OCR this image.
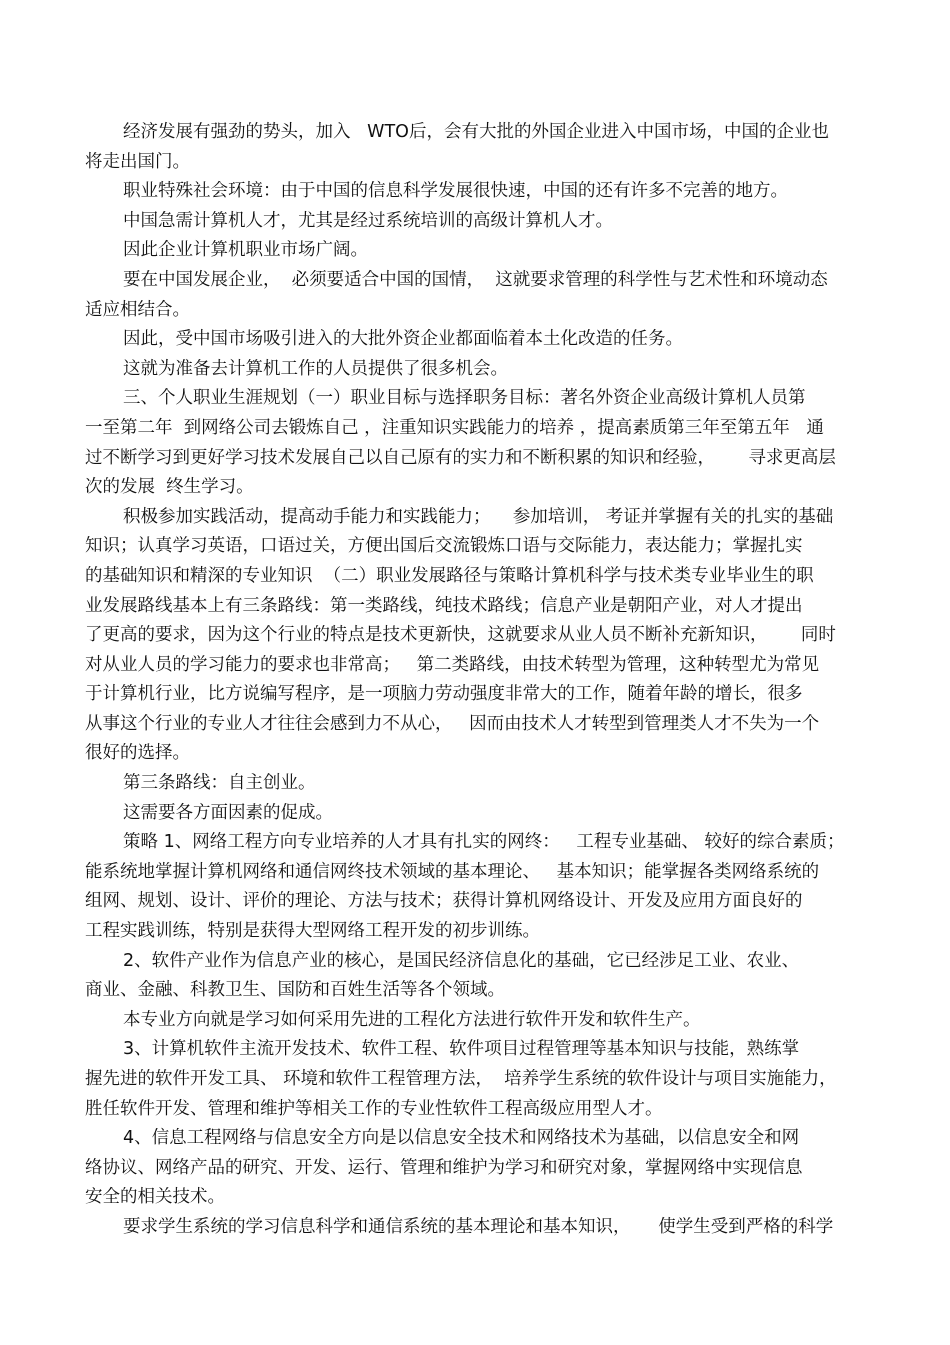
经济发展有强劲的势头，加入   WTO后，会有大批的外国企业进入中国市场，中国的企业也
将走出国门。
职业特殊社会环境：由于中国的信息科学发展很快速，中国的还有许多不完善的地方。
中国急需计算机人才，尤其是经过系统培训的高级计算机人才。
因此企业计算机职业市场广阔。
要在中国发展企业，  必须要适合中国的国情，  这就要求管理的科学性与艺术性和环境动态
适应相结合。
因此，受中国市场吸引进入的大批外资企业都面临着本土化改造的任务。
这就为准备去计算机工作的人员提供了很多机会。
三、个人职业生涯规划（一）职业目标与选择职务目标：著名外资企业高级计算机人员第
一至第二年  到网络公司去锻炼自己 ，注重知识实践能力的培养 ，提高素质第三年至第五年   通
过不断学习到更好学习技术发展自己以自己原有的实力和不断积累的知识和经验，      寻求更高层
次的发展  终生学习。
积极参加实践活动，提高动手能力和实践能力；    参加培训， 考证并掌握有关的扎实的基础
知识；认真学习英语，口语过关，方便出国后交流锻炼口语与交际能力，表达能力；掌握扎实
的基础知识和精深的专业知识  （二）职业发展路径与策略计算机科学与技术类专业毕业生的职
业发展路线基本上有三条路线：第一类路线，纯技术路线；信息产业是朝阳产业，对人才提出
了更高的要求，因为这个行业的特点是技术更新快，这就要求从业人员不断补充新知识，      同时
对从业人员的学习能力的要求也非常高；   第二类路线，由技术转型为管理，这种转型尤为常见
于计算机行业，比方说编写程序，是一项脑力劳动强度非常大的工作，随着年龄的增长，很多
从事这个行业的专业人才往往会感到力不从心，   因而由技术人才转型到管理类人才不失为一个
很好的选择。
第三条路线：自主创业。
这需要各方面因素的促成。
策略 1、网络工程方向专业培养的人才具有扎实的网终：   工程专业基础、 较好的综合素质；
能系统地掌握计算机网络和通信网终技术领域的基本理论、   基本知识；能掌握各类网络系统的
组网、规划、设计、评价的理论、方法与技术；获得计算机网络设计、开发及应用方面良好的
工程实践训练，特别是获得大型网络工程开发的初步训练。
2、软件产业作为信息产业的核心，是国民经济信息化的基础，它已经涉足工业、农业、
商业、金融、科教卫生、国防和百姓生活等各个领域。
本专业方向就是学习如何采用先进的工程化方法进行软件开发和软件生产。
3、计算机软件主流开发技术、软件工程、软件项目过程管理等基本知识与技能，熟练掌
握先进的软件开发工具、 环境和软件工程管理方法，  培养学生系统的软件设计与项目实施能力，
胜任软件开发、管理和维护等相关工作的专业性软件工程高级应用型人才。
4、信息工程网络与信息安全方向是以信息安全技术和网络技术为基础，以信息安全和网
络协议、网络产品的研究、开发、运行、管理和维护为学习和研究对象，掌握网络中实现信息
安全的相关技术。
要求学生系统的学习信息科学和通信系统的基本理论和基本知识，     使学生受到严格的科学
